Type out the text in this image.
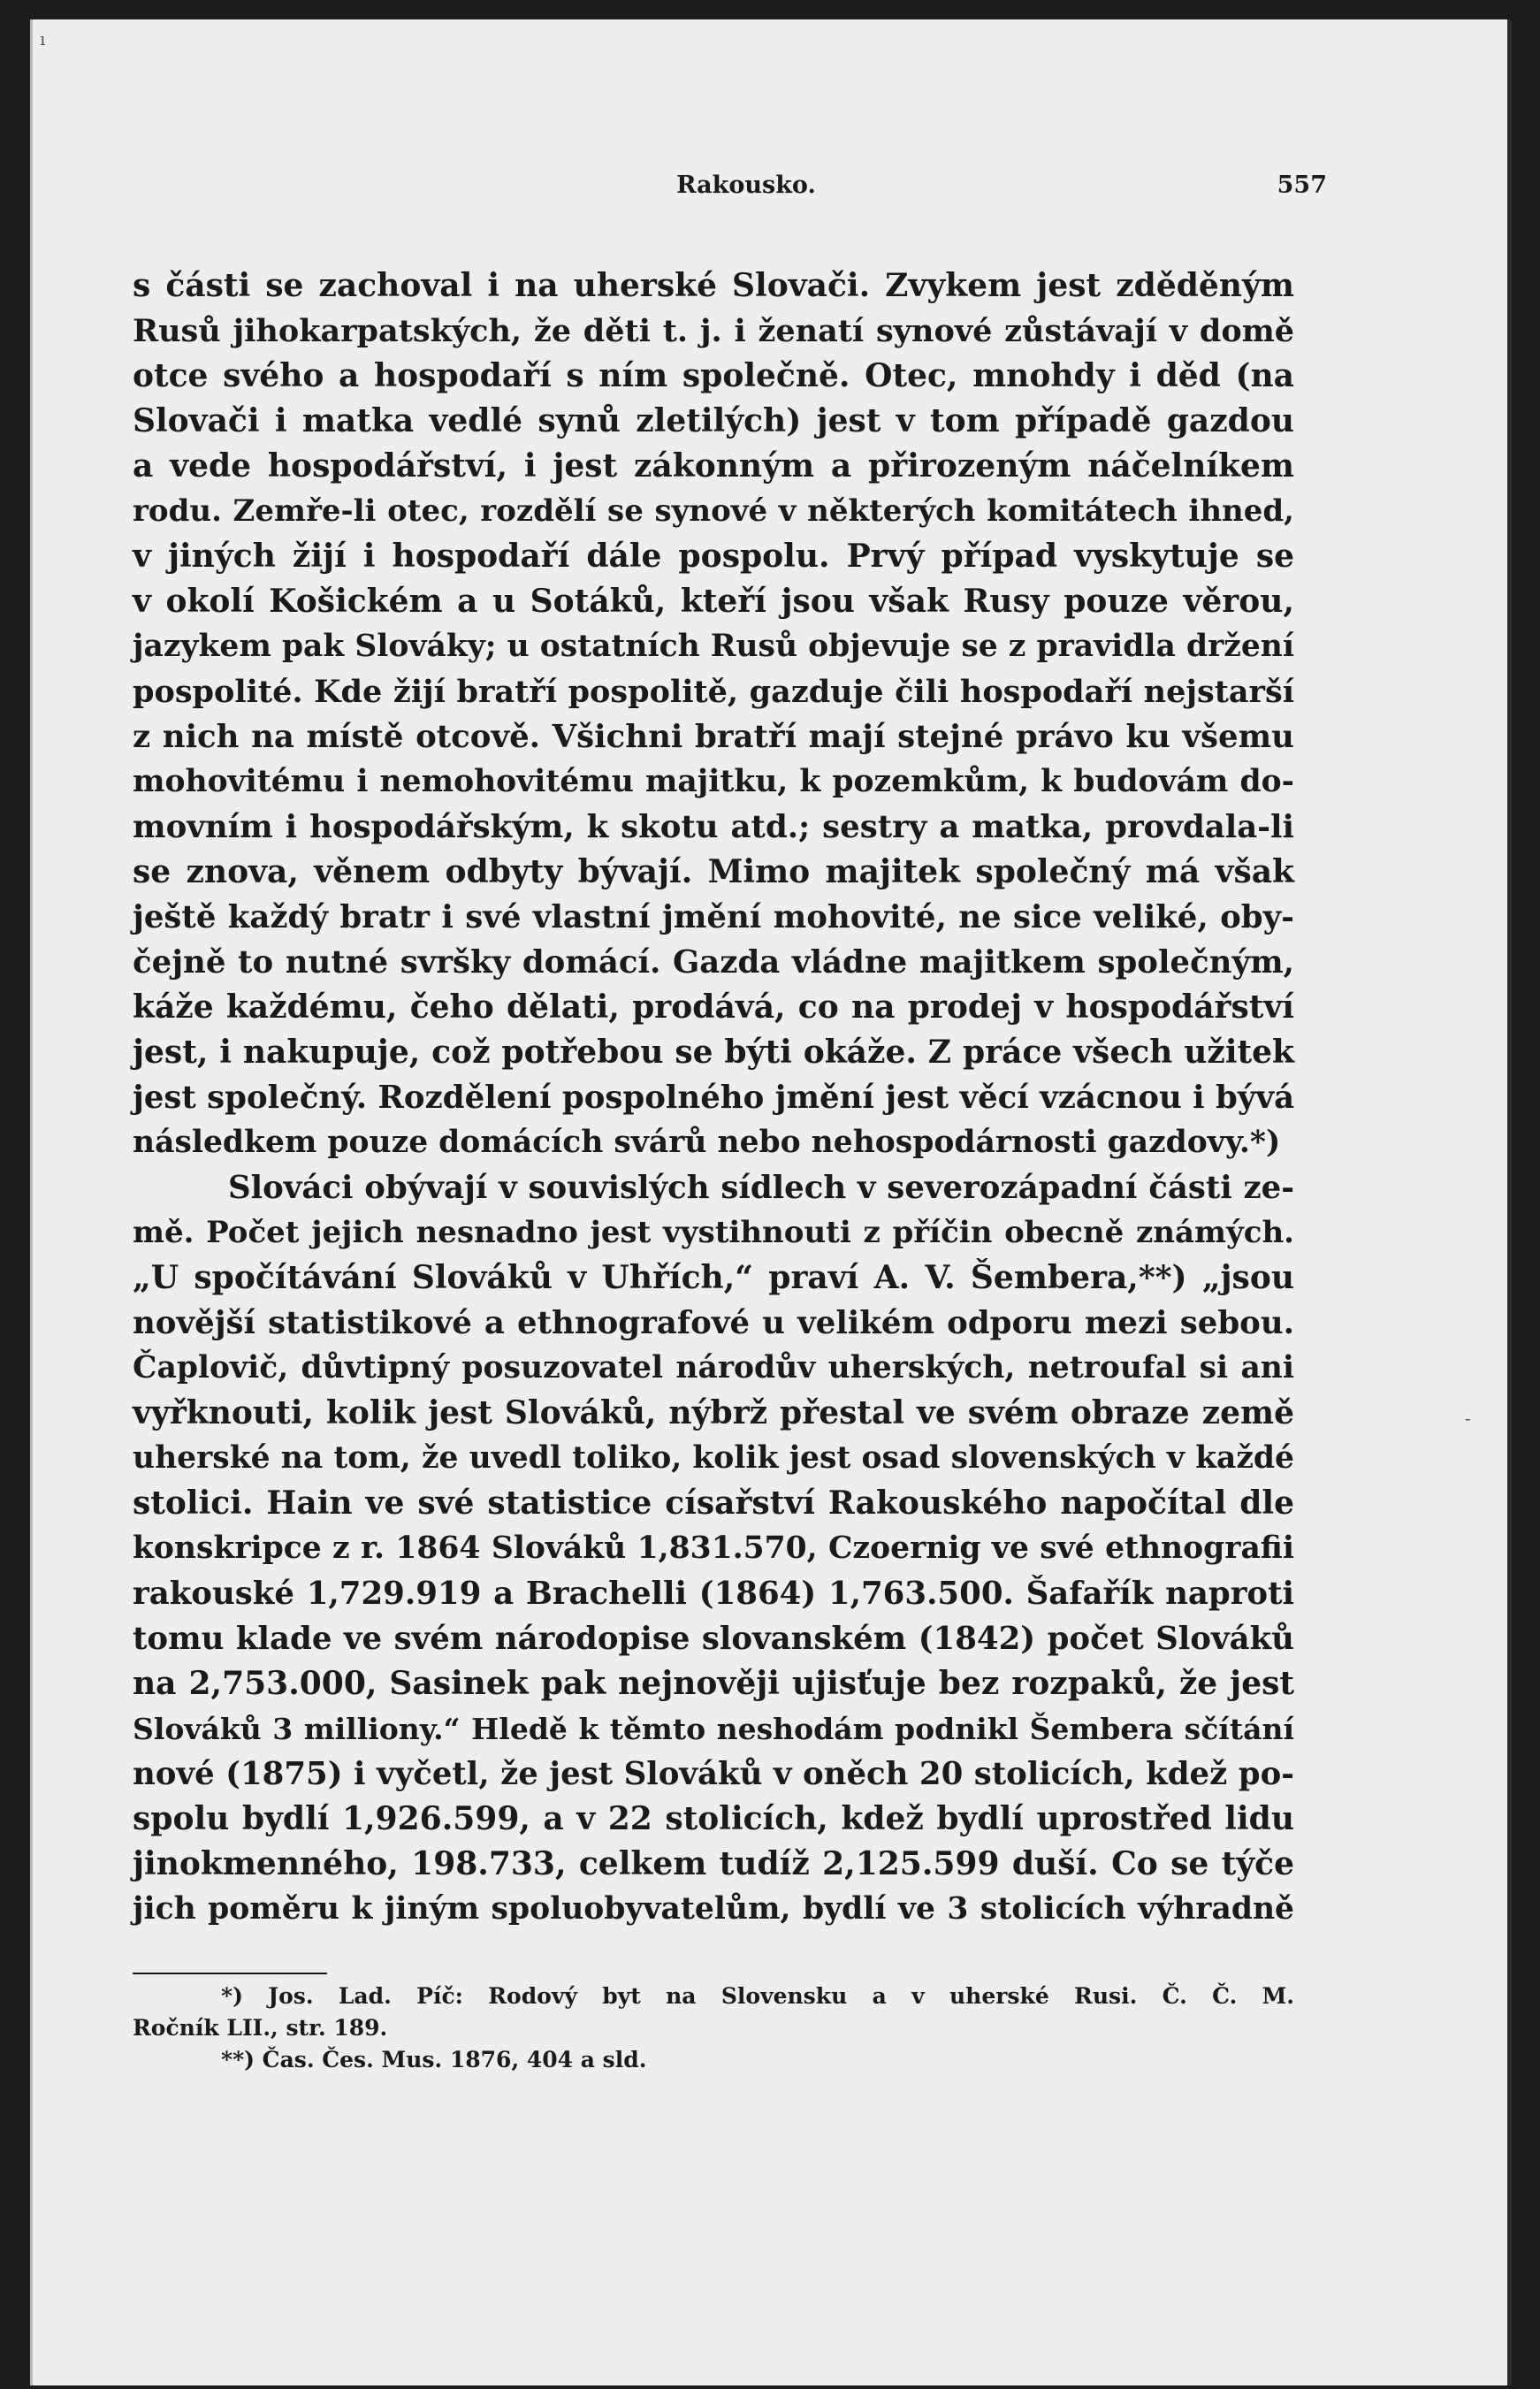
Rakousko.	557
ı
-
s části se zachoval i na uherské Slovači. Zvykem jest zděděným
Rusů jihokarpatských, že děti t. j. i ženatí synové zůstávají v domě
otce svého a hospodaří s ním společně. Otec, mnohdy i děd (na
Slovači i matka vedlé synů zletilých) jest v tom případě gazdou
a vede hospodářství, i jest zákonným a přirozeným náčelníkem
rodu. Zemře-li otec, rozdělí se synové v některých komitátech ihned,
v jiných žijí i hospodaří dále pospolu. Prvý případ vyskytuje se
v okolí Košickém a u Sotáků, kteří jsou však Rusy pouze věrou,
jazykem pak Slováky; u ostatních Rusů objevuje se z pravidla držení
pospolité. Kde žijí bratří pospolitě, gazduje čili hospodaří nejstarší
z nich na místě otcově. Všichni bratří mají stejné právo ku všemu
mohovitému i nemohovitému majitku, k pozemkům, k budovám do-
movním i hospodářským, k skotu atd.; sestry a matka, provdala-li
se znova, věnem odbyty bývají. Mimo majitek společný má však
ještě každý bratr i své vlastní jmění mohovité, ne sice veliké, oby-
čejně to nutné svršky domácí. Gazda vládne majitkem společným,
káže každému, čeho dělati, prodává, co na prodej v hospodářství
jest, i nakupuje, což potřebou se býti okáže. Z práce všech užitek
jest společný. Rozdělení pospolného jmění jest věcí vzácnou i bývá
následkem pouze domácích svárů nebo nehospodárnosti gazdovy.*)
Slováci obývají v souvislých sídlech v severozápadní části ze-
mě. Počet jejich nesnadno jest vystihnouti z příčin obecně známých.
„U spočítávání Slováků v Uhřích,“ praví A. V. Šembera,**) „jsou
novější statistikové a ethnografové u velikém odporu mezi sebou.
Čaplovič, důvtipný posuzovatel národův uherských, netroufal si ani
vyřknouti, kolik jest Slováků, nýbrž přestal ve svém obraze země
uherské na tom, že uvedl toliko, kolik jest osad slovenských v každé
stolici. Hain ve své statistice císařství Rakouského napočítal dle
konskripce z r. 1864 Slováků 1,831.570, Czoernig ve své ethnografii
rakouské 1,729.919 a Brachelli (1864) 1,763.500. Šafařík naproti
tomu klade ve svém národopise slovanském (1842) počet Slováků
na 2,753.000, Sasinek pak nejnověji ujisťuje bez rozpaků, že jest
Slováků 3 milliony.“ Hledě k těmto neshodám podnikl Šembera sčítání
nové (1875) i vyčetl, že jest Slováků v oněch 20 stolicích, kdež po-
spolu bydlí 1,926.599, a v 22 stolicích, kdež bydlí uprostřed lidu
jinokmenného, 198.733, celkem tudíž 2,125.599 duší. Co se týče
jich poměru k jiným spoluobyvatelům, bydlí ve 3 stolicích výhradně
*) Jos. Lad. Píč: Rodový byt na Slovensku a v uherské Rusi. Č. Č. M.
Ročník LII., str. 189.
**) Čas. Čes. Mus. 1876, 404 a sld.
